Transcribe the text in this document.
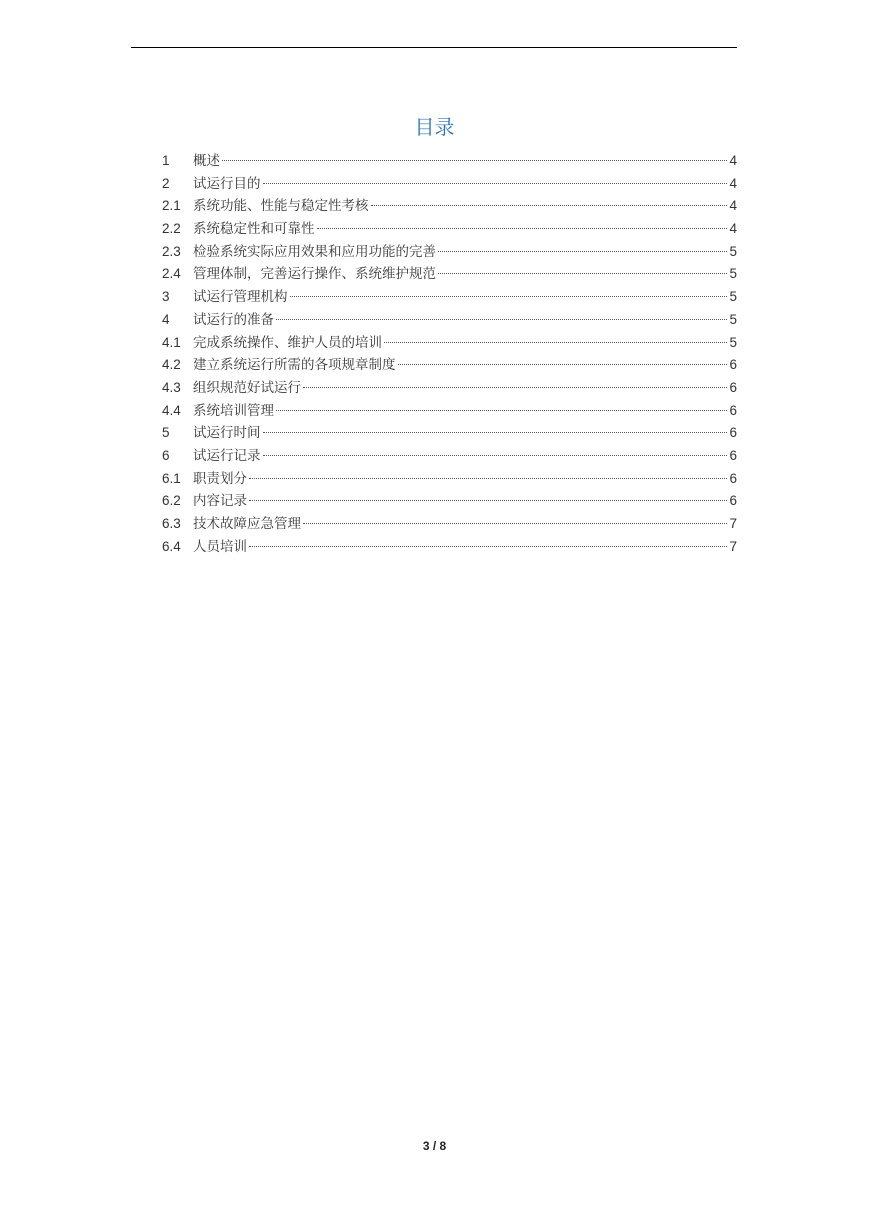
目录
1	概述	4
2	试运行目的	4
2.1 系统功能、性能与稳定性考核	4
2.2 系统稳定性和可靠性	4
2.3 检验系统实际应用效果和应用功能的完善	5
2.4 管理体制，完善运行操作、系统维护规范	5
3	试运行管理机构	5
4	试运行的准备	5
4.1 完成系统操作、维护人员的培训	5
4.2 建立系统运行所需的各项规章制度	6
4.3 组织规范好试运行	6
4.4 系统培训管理	6
5	试运行时间	6
6	试运行记录	6
6.1 职责划分	6
6.2 内容记录	6
6.3 技术故障应急管理	7
6.4 人员培训	7
3 / 8
